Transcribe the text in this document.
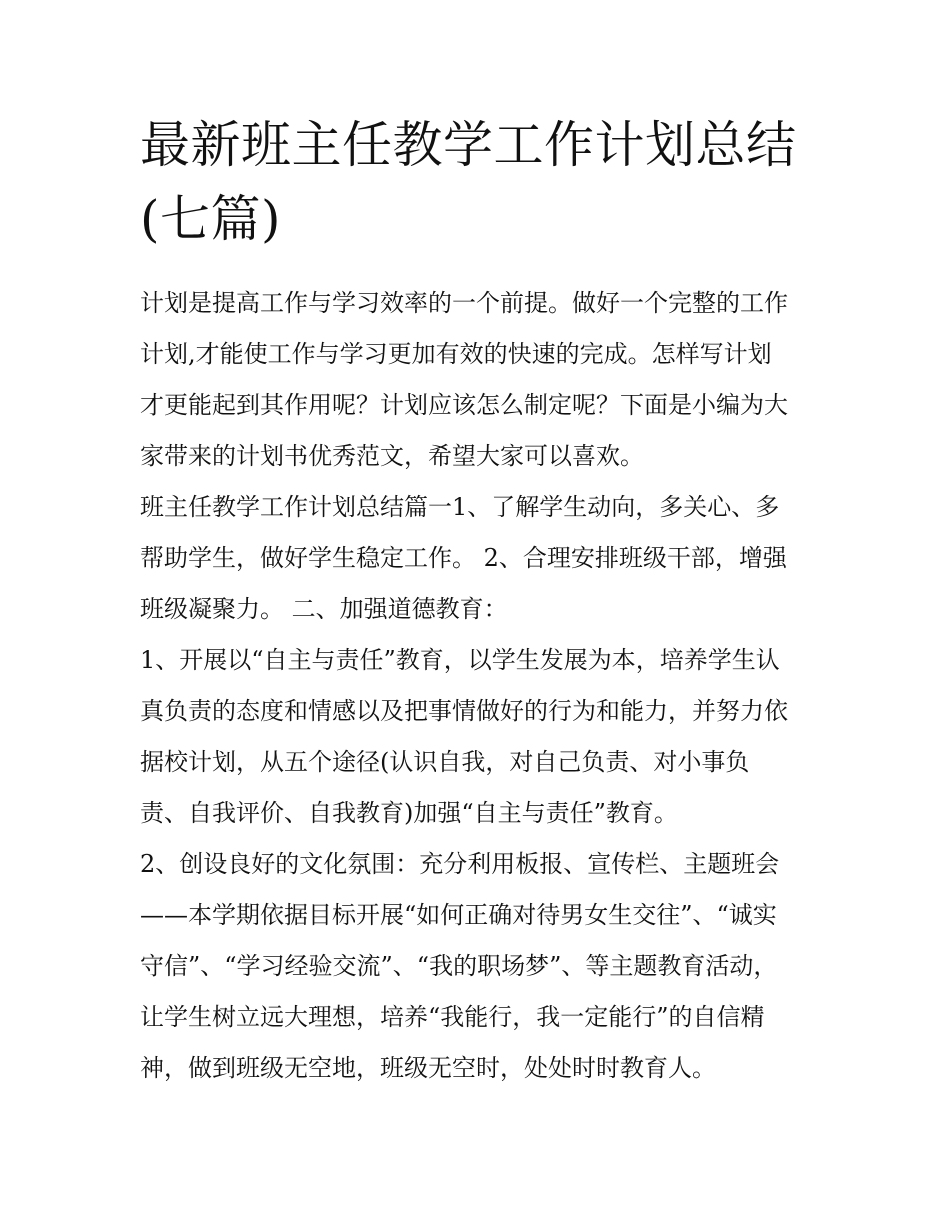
最新班主任教学工作计划总结
(七篇)

计划是提高工作与学习效率的一个前提。做好一个完整的工作
计划,才能使工作与学习更加有效的快速的完成。怎样写计划
才更能起到其作用呢？计划应该怎么制定呢？下面是小编为大
家带来的计划书优秀范文，希望大家可以喜欢。

班主任教学工作计划总结篇一1、了解学生动向，多关心、多
帮助学生，做好学生稳定工作。 2、合理安排班级干部，增强
班级凝聚力。 二、加强道德教育：

1、开展以“自主与责任”教育，以学生发展为本，培养学生认
真负责的态度和情感以及把事情做好的行为和能力，并努力依
据校计划，从五个途径(认识自我，对自己负责、对小事负
责、自我评价、自我教育)加强“自主与责任”教育。

2、创设良好的文化氛围：充分利用板报、宣传栏、主题班会
——本学期依据目标开展“如何正确对待男女生交往”、“诚实
守信”、“学习经验交流”、“我的职场梦”、等主题教育活动，
让学生树立远大理想，培养“我能行，我一定能行”的自信精
神，做到班级无空地，班级无空时，处处时时教育人。
